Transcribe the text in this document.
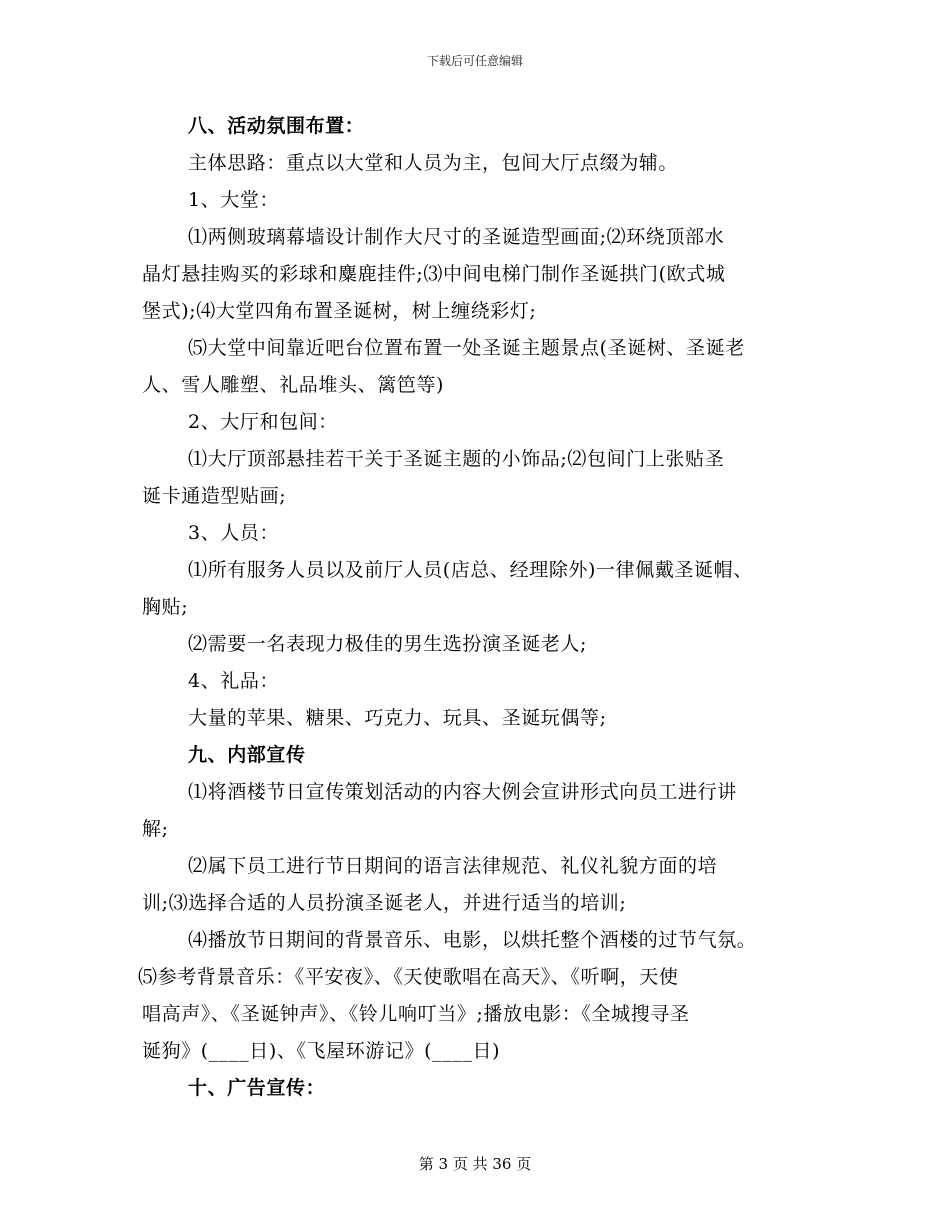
下载后可任意编辑
八、活动氛围布置：
主体思路：重点以大堂和人员为主，包间大厅点缀为辅。
1、大堂：
⑴两侧玻璃幕墙设计制作大尺寸的圣诞造型画面;⑵环绕顶部水
晶灯悬挂购买的彩球和麋鹿挂件;⑶中间电梯门制作圣诞拱门(欧式城
堡式);⑷大堂四角布置圣诞树，树上缠绕彩灯;
⑸大堂中间靠近吧台位置布置一处圣诞主题景点(圣诞树、圣诞老
人、雪人雕塑、礼品堆头、篱笆等)
2、大厅和包间：
⑴大厅顶部悬挂若干关于圣诞主题的小饰品;⑵包间门上张贴圣
诞卡通造型贴画;
3、人员：
⑴所有服务人员以及前厅人员(店总、经理除外)一律佩戴圣诞帽、
胸贴;
⑵需要一名表现力极佳的男生选扮演圣诞老人;
4、礼品：
大量的苹果、糖果、巧克力、玩具、圣诞玩偶等;
九、内部宣传
⑴将酒楼节日宣传策划活动的内容大例会宣讲形式向员工进行讲
解;
⑵属下员工进行节日期间的语言法律规范、礼仪礼貌方面的培
训;⑶选择合适的人员扮演圣诞老人，并进行适当的培训;
⑷播放节日期间的背景音乐、电影，以烘托整个酒楼的过节气氛。
⑸参考背景音乐：《平安夜》、《天使歌唱在高天》、《听啊，天使
唱高声》、《圣诞钟声》、《铃儿响叮当》;播放电影：《全城搜寻圣
诞狗》(____日)、《飞屋环游记》(____日)
十、广告宣传：
第 3 页 共 36 页
